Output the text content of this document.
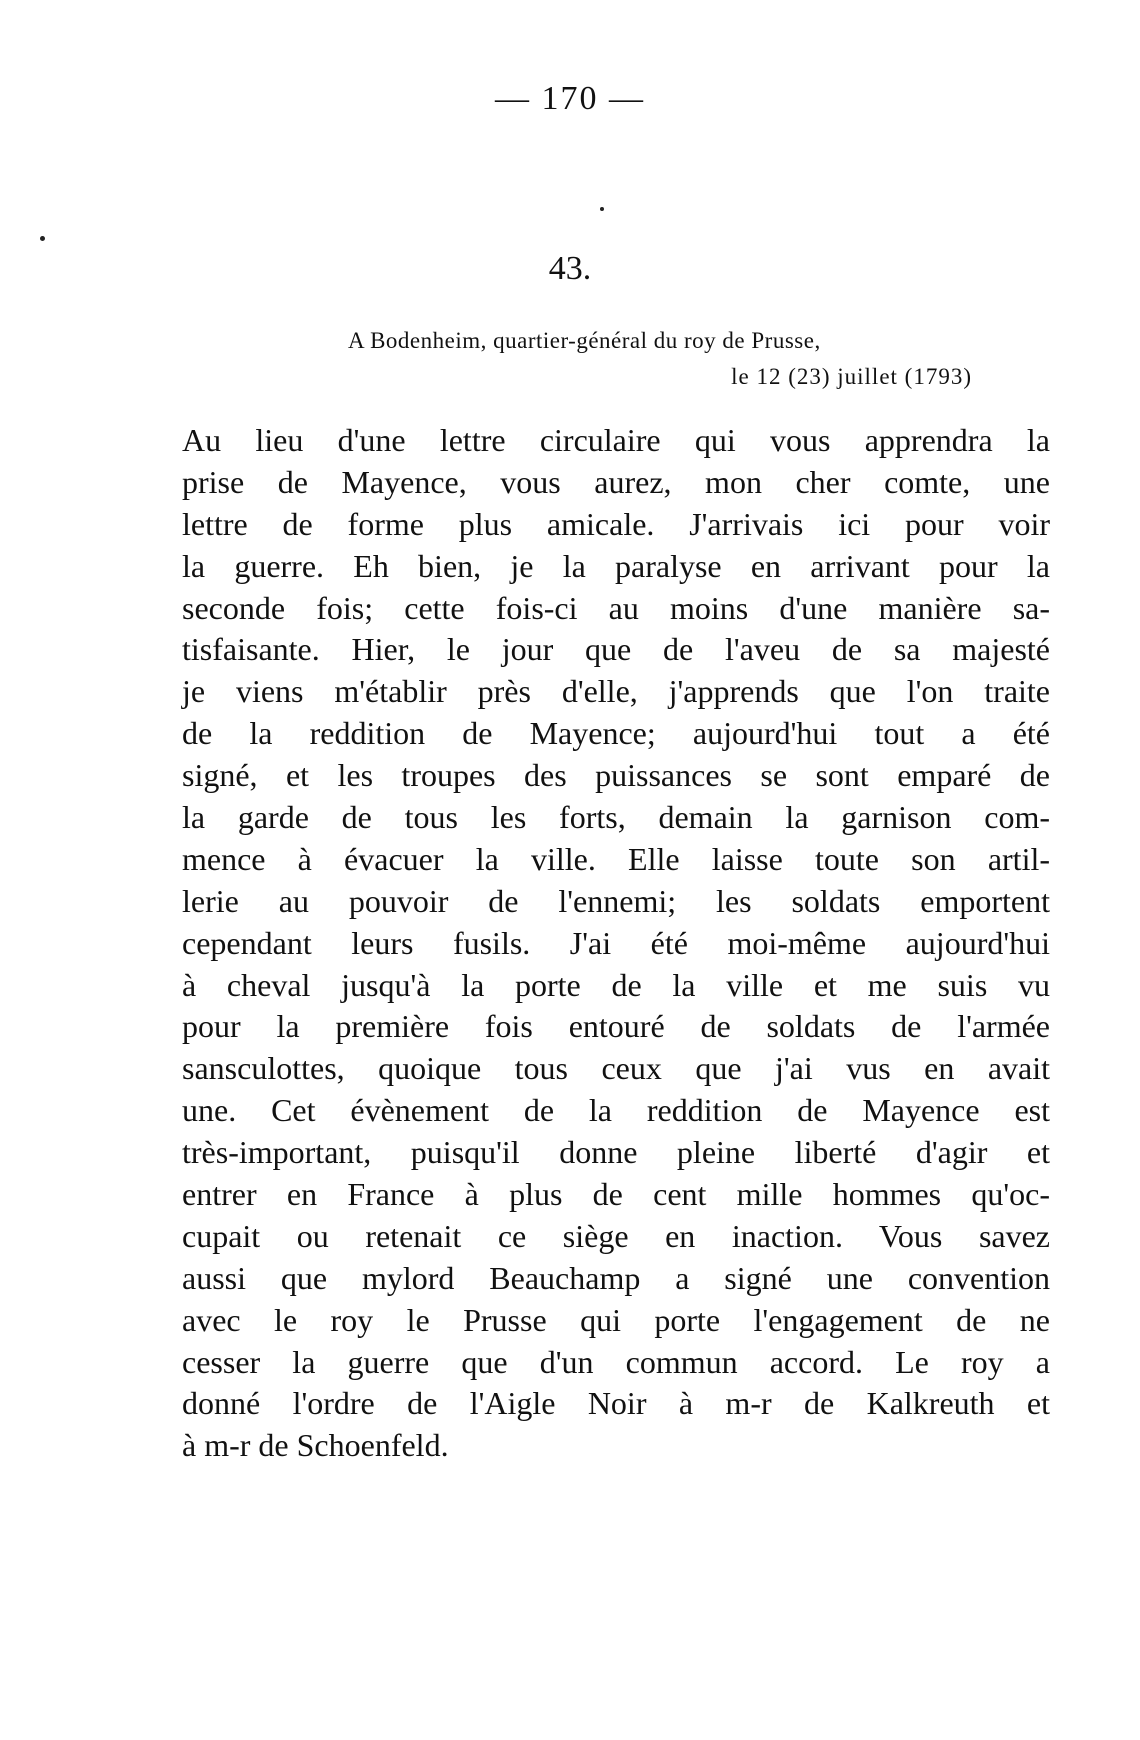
— 170 —
43.
A Bodenheim, quartier-général du roy de Prusse,
le 12 (23) juillet (1793)
Au lieu d'une lettre circulaire qui vous apprendra la
prise de Mayence, vous aurez, mon cher comte, une
lettre de forme plus amicale. J'arrivais ici pour voir
la guerre. Eh bien, je la paralyse en arrivant pour la
seconde fois; cette fois-ci au moins d'une manière sa-
tisfaisante. Hier, le jour que de l'aveu de sa majesté
je viens m'établir près d'elle, j'apprends que l'on traite
de la reddition de Mayence; aujourd'hui tout a été
signé, et les troupes des puissances se sont emparé de
la garde de tous les forts, demain la garnison com-
mence à évacuer la ville. Elle laisse toute son artil-
lerie au pouvoir de l'ennemi; les soldats emportent
cependant leurs fusils. J'ai été moi-même aujourd'hui
à cheval jusqu'à la porte de la ville et me suis vu
pour la première fois entouré de soldats de l'armée
sansculottes, quoique tous ceux que j'ai vus en avait
une. Cet évènement de la reddition de Mayence est
très-important, puisqu'il donne pleine liberté d'agir et
entrer en France à plus de cent mille hommes qu'oc-
cupait ou retenait ce siège en inaction. Vous savez
aussi que mylord Beauchamp a signé une convention
avec le roy le Prusse qui porte l'engagement de ne
cesser la guerre que d'un commun accord. Le roy a
donné l'ordre de l'Aigle Noir à m-r de Kalkreuth et
à m-r de Schoenfeld.
